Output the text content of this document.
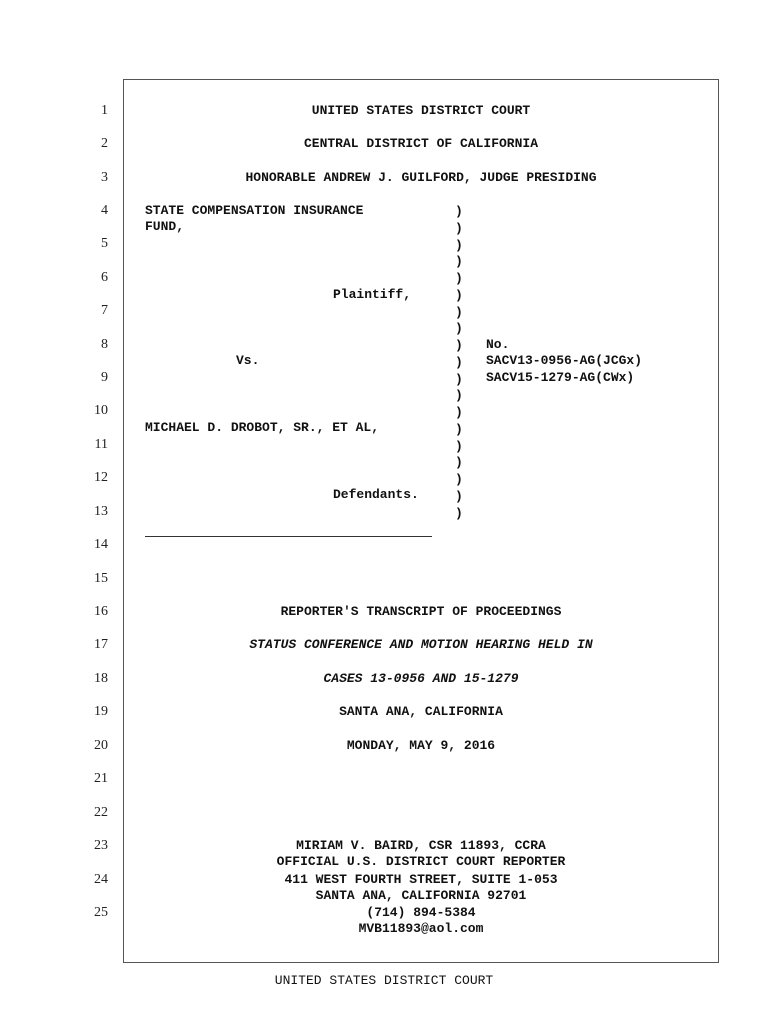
1
2
3
4
5
6
7
8
9
10
11
12
13
14
15
16
17
18
19
20
21
22
23
24
25
UNITED STATES DISTRICT COURT
CENTRAL DISTRICT OF CALIFORNIA
HONORABLE ANDREW J. GUILFORD, JUDGE PRESIDING
STATE COMPENSATION INSURANCE
FUND,
Plaintiff,
Vs.
MICHAEL D. DROBOT, SR., ET AL,
Defendants.
)
)
)
)
)
)
)
)
)
)
)
)
)
)
)
)
)
)
)
No.
SACV13-0956-AG(JCGx)
SACV15-1279-AG(CWx)
REPORTER'S TRANSCRIPT OF PROCEEDINGS
STATUS CONFERENCE AND MOTION HEARING HELD IN
CASES 13-0956 AND 15-1279
SANTA ANA, CALIFORNIA
MONDAY, MAY 9, 2016
MIRIAM V. BAIRD, CSR 11893, CCRA
OFFICIAL U.S. DISTRICT COURT REPORTER
411 WEST FOURTH STREET, SUITE 1-053
SANTA ANA, CALIFORNIA 92701
(714) 894-5384
MVB11893@aol.com
UNITED STATES DISTRICT COURT
